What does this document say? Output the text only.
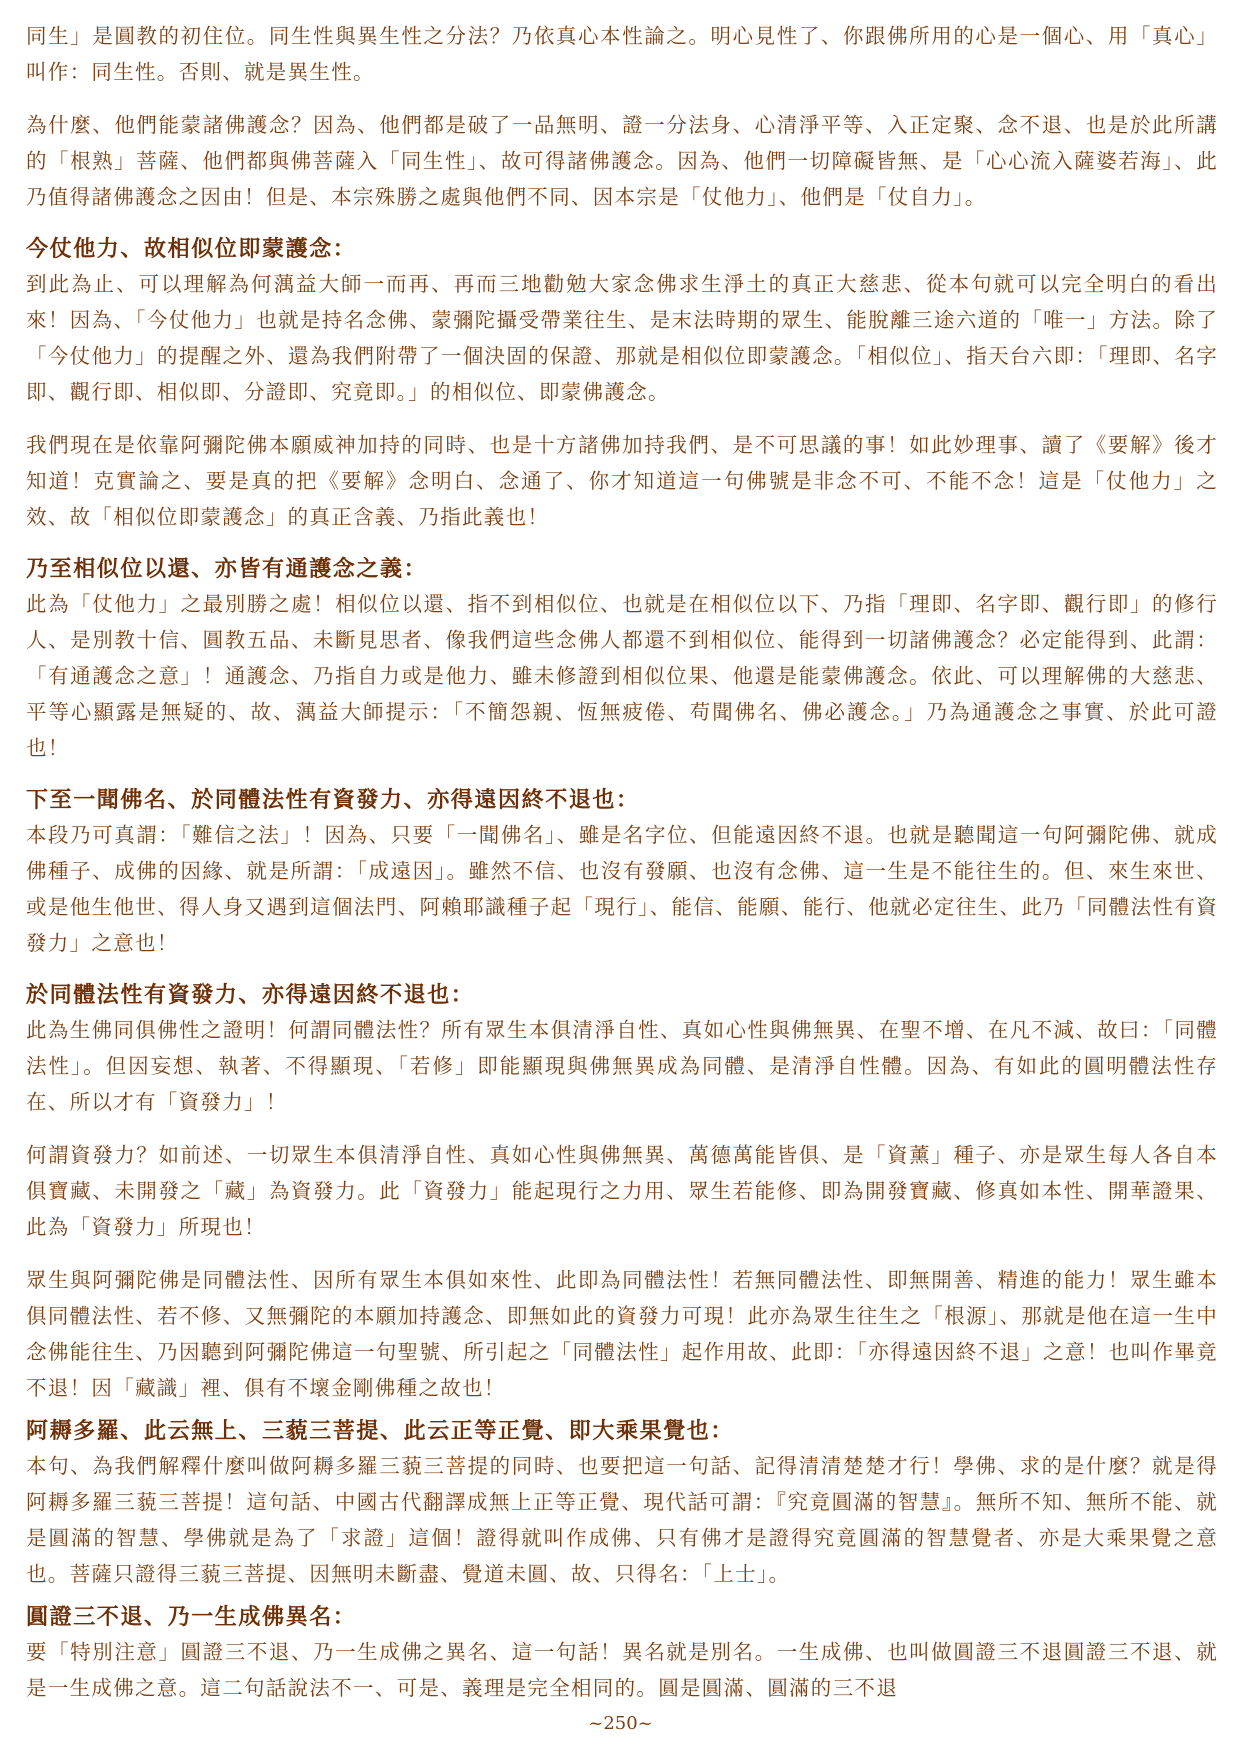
同生」是圓教的初住位。同生性與異生性之分法？乃依真心本性論之。明心見性了、你跟佛所用的心是一個心、用「真心」叫作：同生性。否則、就是異生性。

為什麼、他們能蒙諸佛護念？因為、他們都是破了一品無明、證一分法身、心清淨平等、入正定聚、念不退、也是於此所講的「根熟」菩薩、他們都與佛菩薩入「同生性」、故可得諸佛護念。因為、他們一切障礙皆無、是「心心流入薩婆若海」、此乃值得諸佛護念之因由！但是、本宗殊勝之處與他們不同、因本宗是「仗他力」、他們是「仗自力」。

今仗他力、故相似位即蒙護念：

到此為止、可以理解為何蕅益大師一而再、再而三地勸勉大家念佛求生淨土的真正大慈悲、從本句就可以完全明白的看出來！因為、「今仗他力」也就是持名念佛、蒙彌陀攝受帶業往生、是末法時期的眾生、能脫離三途六道的「唯一」方法。除了「今仗他力」的提醒之外、還為我們附帶了一個決固的保證、那就是相似位即蒙護念。「相似位」、指天台六即：「理即、名字即、觀行即、相似即、分證即、究竟即。」的相似位、即蒙佛護念。

我們現在是依靠阿彌陀佛本願威神加持的同時、也是十方諸佛加持我們、是不可思議的事！如此妙理事、讀了《要解》後才知道！克實論之、要是真的把《要解》念明白、念通了、你才知道這一句佛號是非念不可、不能不念！這是「仗他力」之效、故「相似位即蒙護念」的真正含義、乃指此義也！

乃至相似位以還、亦皆有通護念之義：

此為「仗他力」之最別勝之處！相似位以還、指不到相似位、也就是在相似位以下、乃指「理即、名字即、觀行即」的修行人、是別教十信、圓教五品、未斷見思者、像我們這些念佛人都還不到相似位、能得到一切諸佛護念？必定能得到、此謂：「有通護念之意」！通護念、乃指自力或是他力、雖未修證到相似位果、他還是能蒙佛護念。依此、可以理解佛的大慈悲、平等心顯露是無疑的、故、蕅益大師提示：「不簡怨親、恆無疲倦、苟聞佛名、佛必護念。」乃為通護念之事實、於此可證也！

下至一聞佛名、於同體法性有資發力、亦得遠因終不退也：

本段乃可真謂：「難信之法」！因為、只要「一聞佛名」、雖是名字位、但能遠因終不退。也就是聽聞這一句阿彌陀佛、就成佛種子、成佛的因緣、就是所謂：「成遠因」。雖然不信、也沒有發願、也沒有念佛、這一生是不能往生的。但、來生來世、或是他生他世、得人身又遇到這個法門、阿賴耶識種子起「現行」、能信、能願、能行、他就必定往生、此乃「同體法性有資發力」之意也！

於同體法性有資發力、亦得遠因終不退也：

此為生佛同俱佛性之證明！何謂同體法性？所有眾生本俱清淨自性、真如心性與佛無異、在聖不增、在凡不減、故曰：「同體法性」。但因妄想、執著、不得顯現、「若修」即能顯現與佛無異成為同體、是清淨自性體。因為、有如此的圓明體法性存在、所以才有「資發力」！

何謂資發力？如前述、一切眾生本俱清淨自性、真如心性與佛無異、萬德萬能皆俱、是「資薰」種子、亦是眾生每人各自本俱寶藏、未開發之「藏」為資發力。此「資發力」能起現行之力用、眾生若能修、即為開發寶藏、修真如本性、開華證果、此為「資發力」所現也！

眾生與阿彌陀佛是同體法性、因所有眾生本俱如來性、此即為同體法性！若無同體法性、即無開善、精進的能力！眾生雖本俱同體法性、若不修、又無彌陀的本願加持護念、即無如此的資發力可現！此亦為眾生往生之「根源」、那就是他在這一生中念佛能往生、乃因聽到阿彌陀佛這一句聖號、所引起之「同體法性」起作用故、此即：「亦得遠因終不退」之意！也叫作畢竟不退！因「藏識」裡、俱有不壞金剛佛種之故也！

阿耨多羅、此云無上、三藐三菩提、此云正等正覺、即大乘果覺也：

本句、為我們解釋什麼叫做阿耨多羅三藐三菩提的同時、也要把這一句話、記得清清楚楚才行！學佛、求的是什麼？就是得阿耨多羅三藐三菩提！這句話、中國古代翻譯成無上正等正覺、現代話可謂：『究竟圓滿的智慧』。無所不知、無所不能、就是圓滿的智慧、學佛就是為了「求證」這個！證得就叫作成佛、只有佛才是證得究竟圓滿的智慧覺者、亦是大乘果覺之意也。菩薩只證得三藐三菩提、因無明未斷盡、覺道未圓、故、只得名：「上士」。

圓證三不退、乃一生成佛異名：

要「特別注意」圓證三不退、乃一生成佛之異名、這一句話！異名就是別名。一生成佛、也叫做圓證三不退圓證三不退、就是一生成佛之意。這二句話說法不一、可是、義理是完全相同的。圓是圓滿、圓滿的三不退

~250~
